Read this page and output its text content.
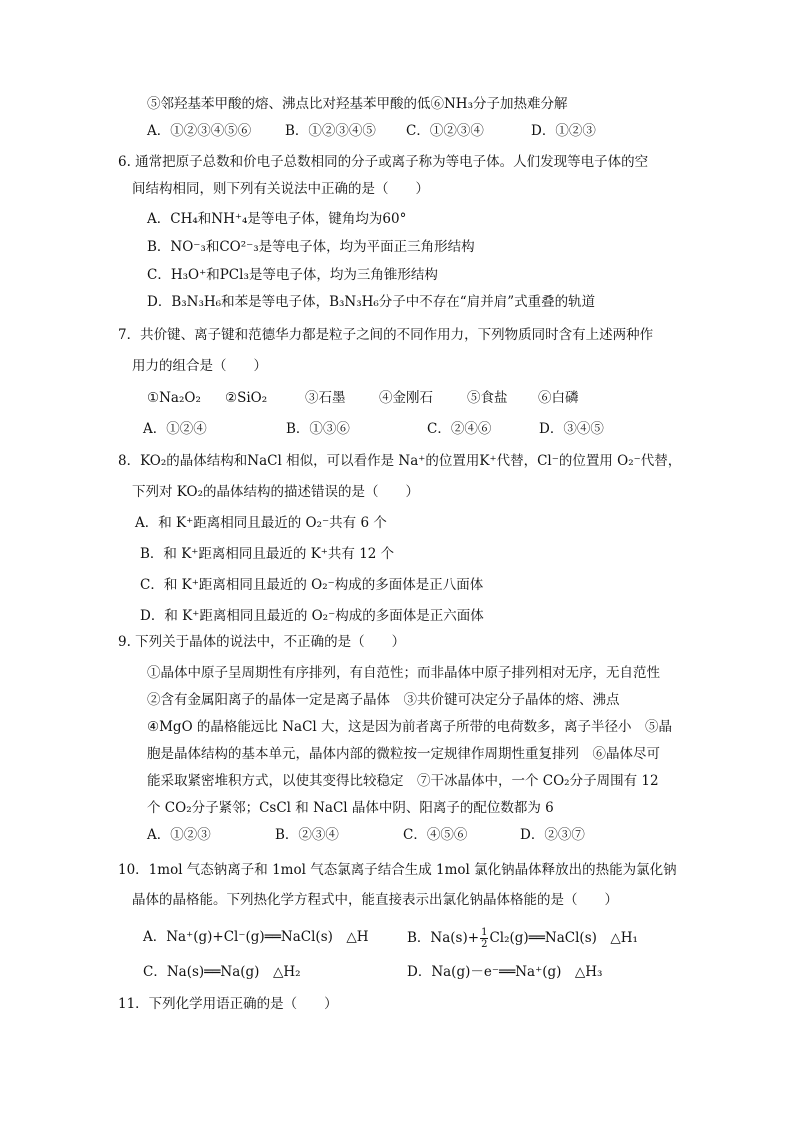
⑤邻羟基苯甲酸的熔、沸点比对羟基苯甲酸的低⑥NH₃分子加热难分解
A．①②③④⑤⑥	B．①②③④⑤ C．①②③④	D．①②③
6. 通常把原子总数和价电子总数相同的分子或离子称为等电子体。人们发现等电子体的空
间结构相同，则下列有关说法中正确的是（　　）
A．CH₄和NH⁺₄是等电子体，键角均为60°
B．NO⁻₃和CO²⁻₃是等电子体，均为平面正三角形结构
C．H₃O⁺和PCl₃是等电子体，均为三角锥形结构
D．B₃N₃H₆和苯是等电子体，B₃N₃H₆分子中不存在“肩并肩”式重叠的轨道
7．共价键、离子键和范德华力都是粒子之间的不同作用力，下列物质同时含有上述两种作
用力的组合是（　　）
①Na₂O₂ ②SiO₂	③石墨 ④金刚石	⑤食盐 ⑥白磷
A．①②④	B．①③⑥	C．②④⑥	D．③④⑤
8．KO₂的晶体结构和NaCl 相似，可以看作是 Na⁺的位置用K⁺代替，Cl⁻的位置用 O₂⁻代替，
下列对 KO₂的晶体结构的描述错误的是（　　）
A．和 K⁺距离相同且最近的 O₂⁻共有 6 个
B．和 K⁺距离相同且最近的 K⁺共有 12 个
C．和 K⁺距离相同且最近的 O₂⁻构成的多面体是正八面体
D．和 K⁺距离相同且最近的 O₂⁻构成的多面体是正六面体
9. 下列关于晶体的说法中，不正确的是（　　）
①晶体中原子呈周期性有序排列，有自范性；而非晶体中原子排列相对无序，无自范性
②含有金属阳离子的晶体一定是离子晶体　③共价键可决定分子晶体的熔、沸点
④MgO 的晶格能远比 NaCl 大，这是因为前者离子所带的电荷数多，离子半径小　⑤晶
胞是晶体结构的基本单元，晶体内部的微粒按一定规律作周期性重复排列　⑥晶体尽可
能采取紧密堆积方式，以使其变得比较稳定　⑦干冰晶体中，一个 CO₂分子周围有 12
个 CO₂分子紧邻；CsCl 和 NaCl 晶体中阴、阳离子的配位数都为 6
A．①②③	B．②③④	C．④⑤⑥	D．②③⑦
10．1mol 气态钠离子和 1mol 气态氯离子结合生成 1mol 氯化钠晶体释放出的热能为氯化钠
晶体的晶格能。下列热化学方程式中，能直接表示出氯化钠晶体格能的是（　　）
A．Na⁺(g)+Cl⁻(g)══NaCl(s)　△H	B．$Na(s)+ \frac{1}{2}$ Cl₂(g)══NaCl(s)　△H₁
C．Na(s)══Na(g)　△H₂	D．Na(g)－e⁻══Na⁺(g)　△H₃
11．下列化学用语正确的是（　　）
